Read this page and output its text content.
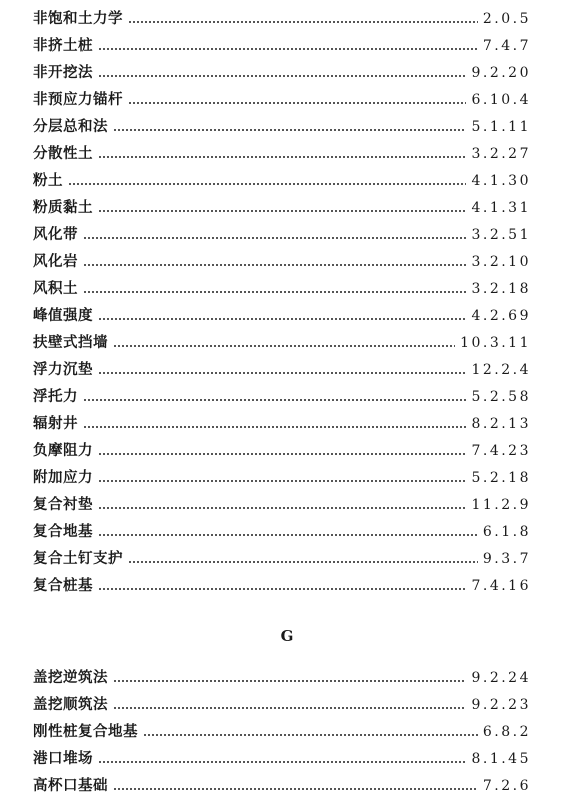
非饱和土力学	2.0.5
非挤土桩	7.4.7
非开挖法	9.2.20
非预应力锚杆	6.10.4
分层总和法	5.1.11
分散性土	3.2.27
粉土	4.1.30
粉质黏土	4.1.31
风化带	3.2.51
风化岩	3.2.10
风积土	3.2.18
峰值强度	4.2.69
扶壁式挡墙	10.3.11
浮力沉垫	12.2.4
浮托力	5.2.58
辐射井	8.2.13
负摩阻力	7.4.23
附加应力	5.2.18
复合衬垫	11.2.9
复合地基	6.1.8
复合土钉支护	9.3.7
复合桩基	7.4.16
G
盖挖逆筑法	9.2.24
盖挖顺筑法	9.2.23
刚性桩复合地基	6.8.2
港口堆场	8.1.45
高杯口基础	7.2.6
